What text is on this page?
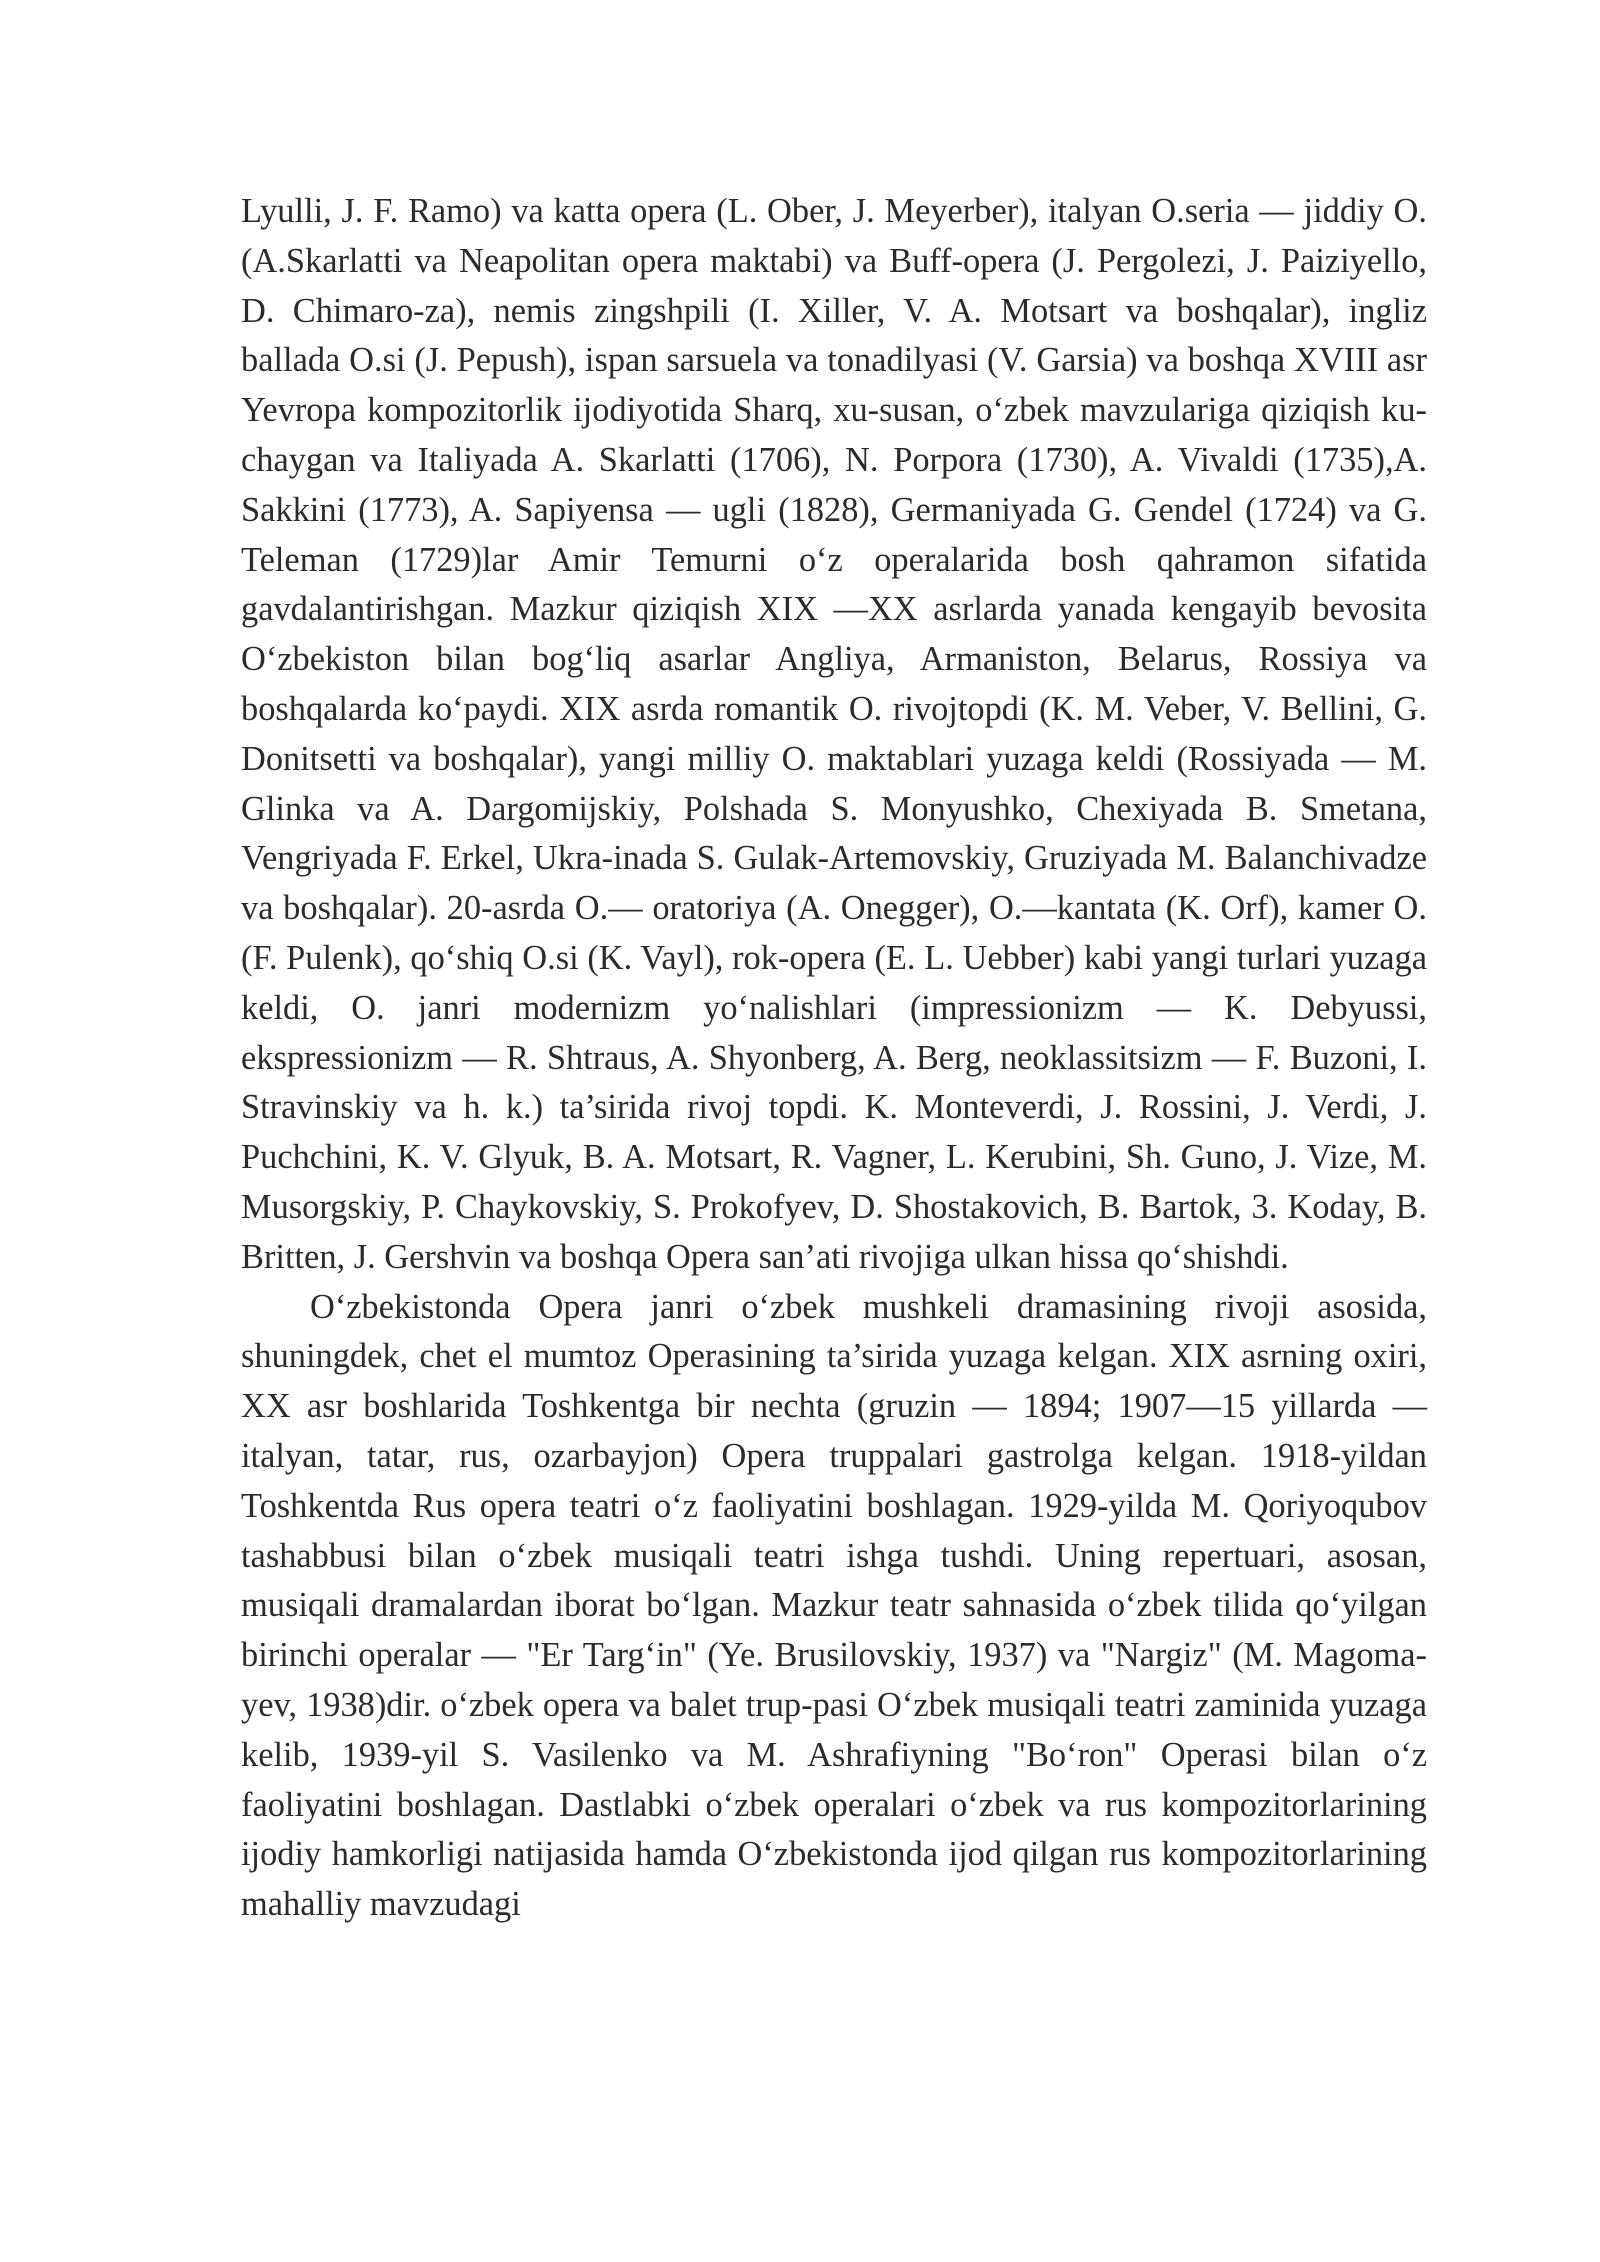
Lyulli, J. F. Ramo) va katta opera (L. Ober, J. Meyerber), italyan O.seria — jiddiy O. (A.Skarlatti va Neapolitan opera maktabi) va Buff-opera (J. Pergolezi, J. Paiziyello, D. Chimaro-za), nemis zingshpili (I. Xiller, V. A. Motsart va boshqalar), ingliz ballada O.si (J. Pepush), ispan sarsuela va tonadilyasi (V. Garsia) va boshqa XVIII asr Yevropa kompozitorlik ijodiyotida Sharq, xu-susan, o‘zbek mavzulariga qiziqish ku-chaygan va Italiyada A. Skarlatti (1706), N. Porpora (1730), A. Vivaldi (1735),A. Sakkini (1773), A. Sapiyensa — ugli (1828), Germaniyada G. Gendel (1724) va G. Teleman (1729)lar Amir Temurni o‘z operalarida bosh qahramon sifatida gavdalantirishgan. Mazkur qiziqish XIX —XX asrlarda yanada kengayib bevosita O‘zbekiston bilan bog‘liq asarlar Angliya, Armaniston, Belarus, Rossiya va boshqalarda ko‘paydi. XIX asrda romantik O. rivojtopdi (K. M. Veber, V. Bellini, G. Donitsetti va boshqalar), yangi milliy O. maktablari yuzaga keldi (Rossiyada — M. Glinka va A. Dargomijskiy, Polshada S. Monyushko, Chexiyada B. Smetana, Vengriyada F. Erkel, Ukra-inada S. Gulak-Artemovskiy, Gruziyada M. Balanchivadze va boshqalar). 20-asrda O.— oratoriya (A. Onegger), O.—kantata (K. Orf), kamer O. (F. Pulenk), qo‘shiq O.si (K. Vayl), rok-opera (E. L. Uebber) kabi yangi turlari yuzaga keldi, O. janri modernizm yo‘nalishlari (impressionizm — K. Debyussi, ekspressionizm — R. Shtraus, A. Shyonberg, A. Berg, neoklassitsizm — F. Buzoni, I. Stravinskiy va h. k.) ta’sirida rivoj topdi. K. Monteverdi, J. Rossini, J. Verdi, J. Puchchini, K. V. Glyuk, B. A. Motsart, R. Vagner, L. Kerubini, Sh. Guno, J. Vize, M. Musorgskiy, P. Chaykovskiy, S. Prokofyev, D. Shostakovich, B. Bartok, 3. Koday, B. Britten, J. Gershvin va boshqa Opera san’ati rivojiga ulkan hissa qo‘shishdi.

O‘zbekistonda Opera janri o‘zbek mushkeli dramasining rivoji asosida, shuningdek, chet el mumtoz Operasining ta’sirida yuzaga kelgan. XIX asrning oxiri, XX asr boshlarida Toshkentga bir nechta (gruzin — 1894; 1907—15 yillarda — italyan, tatar, rus, ozarbayjon) Opera truppalari gastrolga kelgan. 1918-yildan Toshkentda Rus opera teatri o‘z faoliyatini boshlagan. 1929-yilda M. Qoriyoqubov tashabbusi bilan o‘zbek musiqali teatri ishga tushdi. Uning repertuari, asosan, musiqali dramalardan iborat bo‘lgan. Mazkur teatr sahnasida o‘zbek tilida qo‘yilgan birinchi operalar — "Er Targ‘in" (Ye. Brusilovskiy, 1937) va "Nargiz" (M. Magoma-yev, 1938)dir. o‘zbek opera va balet trup-pasi O‘zbek musiqali teatri zaminida yuzaga kelib, 1939-yil S. Vasilenko va M. Ashrafiyning "Bo‘ron" Operasi bilan o‘z faoliyatini boshlagan. Dastlabki o‘zbek operalari o‘zbek va rus kompozitorlarining ijodiy hamkorligi natijasida hamda O‘zbekistonda ijod qilgan rus kompozitorlarining mahalliy mavzudagi
